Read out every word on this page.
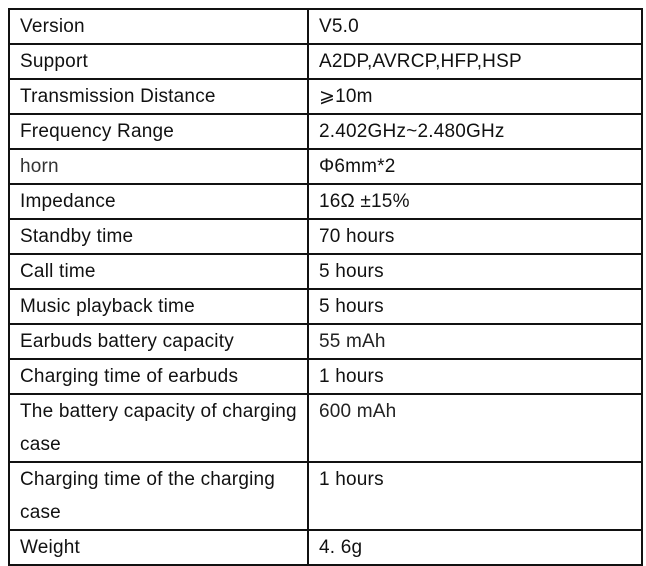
Version	V5.0

Support	A2DP,AVRCP,HFP,HSP

Transmission Distance	⩾10m

Frequency Range	2.402GHz~2.480GHz

horn	Φ6mm*2

Impedance	16Ω ±15%

Standby time	70 hours

Call time	5 hours

Music playback time	5 hours

Earbuds battery capacity	55 mAh

Charging time of earbuds	1 hours

The battery capacity of charging case	600 mAh

Charging time of the charging case	1 hours

Weight	4. 6g
